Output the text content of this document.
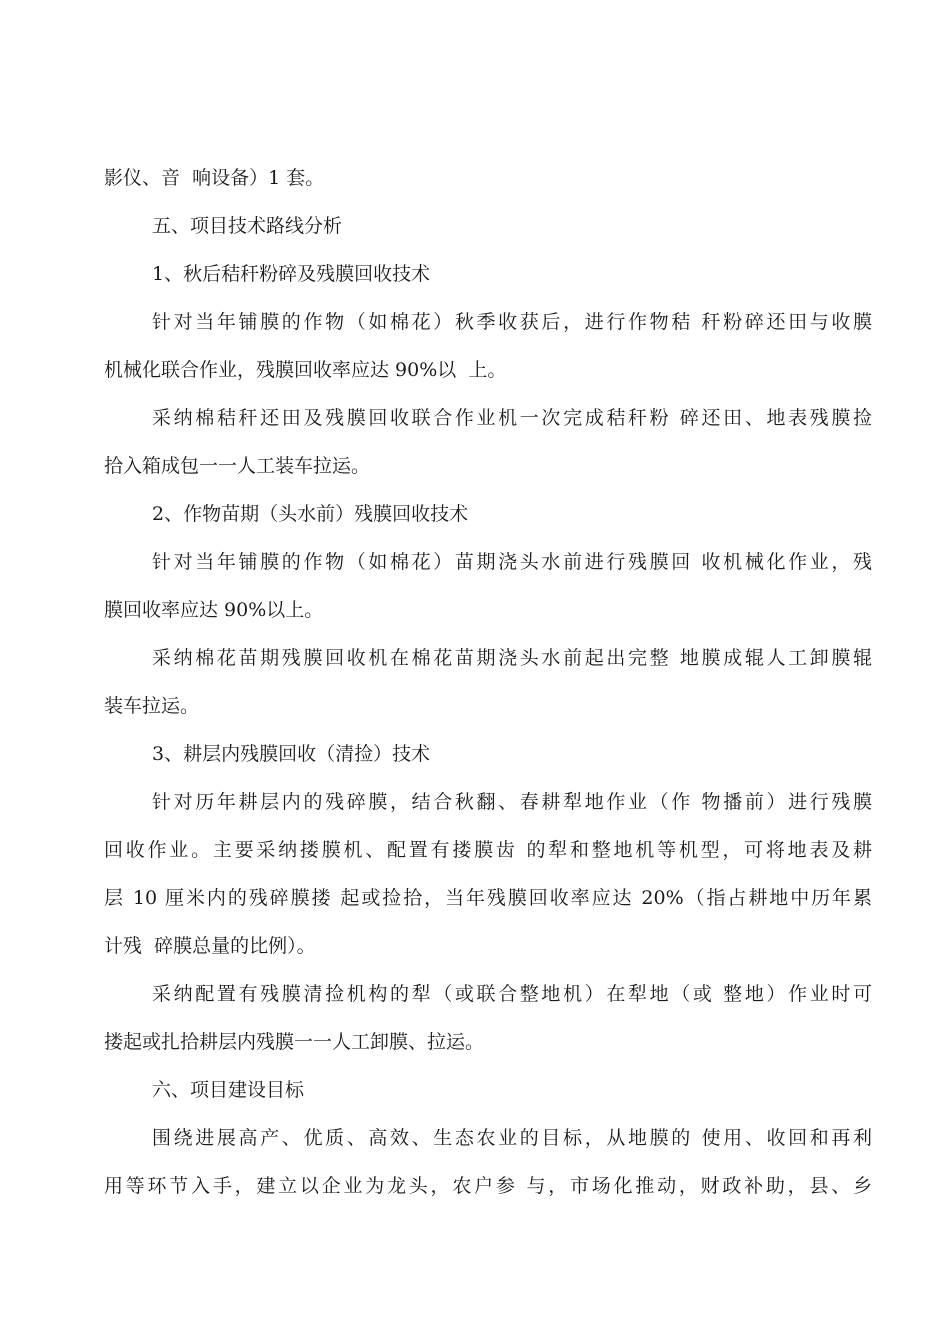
影仪、音  响设备）1 套。

五、项目技术路线分析

1、秋后秸秆粉碎及残膜回收技术

针对当年铺膜的作物（如棉花）秋季收获后，进行作物秸 秆粉碎还田与收膜

机械化联合作业，残膜回收率应达 90%以  上。

采纳棉秸秆还田及残膜回收联合作业机一次完成秸秆粉 碎还田、地表残膜捡

拾入箱成包一一人工装车拉运。

2、作物苗期（头水前）残膜回收技术

针对当年铺膜的作物（如棉花）苗期浇头水前进行残膜回 收机械化作业，残

膜回收率应达 90%以上。

采纳棉花苗期残膜回收机在棉花苗期浇头水前起出完整 地膜成辊人工卸膜辊

装车拉运。

3、耕层内残膜回收（清捡）技术

针对历年耕层内的残碎膜，结合秋翻、春耕犁地作业（作 物播前）进行残膜

回收作业。主要采纳搂膜机、配置有搂膜齿 的犁和整地机等机型，可将地表及耕

层 10 厘米内的残碎膜搂 起或捡拾，当年残膜回收率应达 20%（指占耕地中历年累

计残  碎膜总量的比例）。

采纳配置有残膜清捡机构的犁（或联合整地机）在犁地（或 整地）作业时可

搂起或扎拾耕层内残膜一一人工卸膜、拉运。

六、项目建设目标

围绕进展高产、优质、高效、生态农业的目标，从地膜的 使用、收回和再利

用等环节入手，建立以企业为龙头，农户参 与，市场化推动，财政补助，县、乡
